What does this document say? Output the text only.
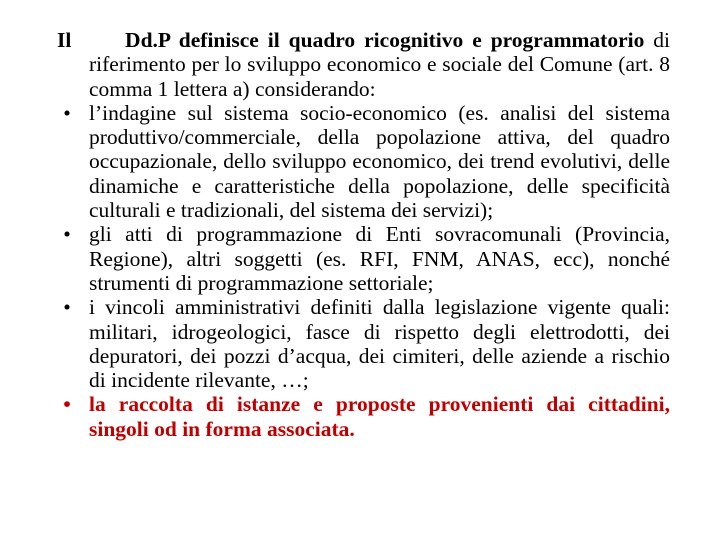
Il Dd.P definisce il quadro ricognitivo e programmatorio di riferimento per lo sviluppo economico e sociale del Comune (art. 8 comma 1 lettera a) considerando:
• l’indagine sul sistema socio-economico (es. analisi del sistema produttivo/commerciale, della popolazione attiva, del quadro occupazionale, dello sviluppo economico, dei trend evolutivi, delle dinamiche e caratteristiche della popolazione, delle specificità culturali e tradizionali, del sistema dei servizi);
• gli atti di programmazione di Enti sovracomunali (Provincia, Regione), altri soggetti (es. RFI, FNM, ANAS, ecc), nonché strumenti di programmazione settoriale;
• i vincoli amministrativi definiti dalla legislazione vigente quali: militari, idrogeologici, fasce di rispetto degli elettrodotti, dei depuratori, dei pozzi d’acqua, dei cimiteri, delle aziende a rischio di incidente rilevante, …;
• la raccolta di istanze e proposte provenienti dai cittadini, singoli od in forma associata.
